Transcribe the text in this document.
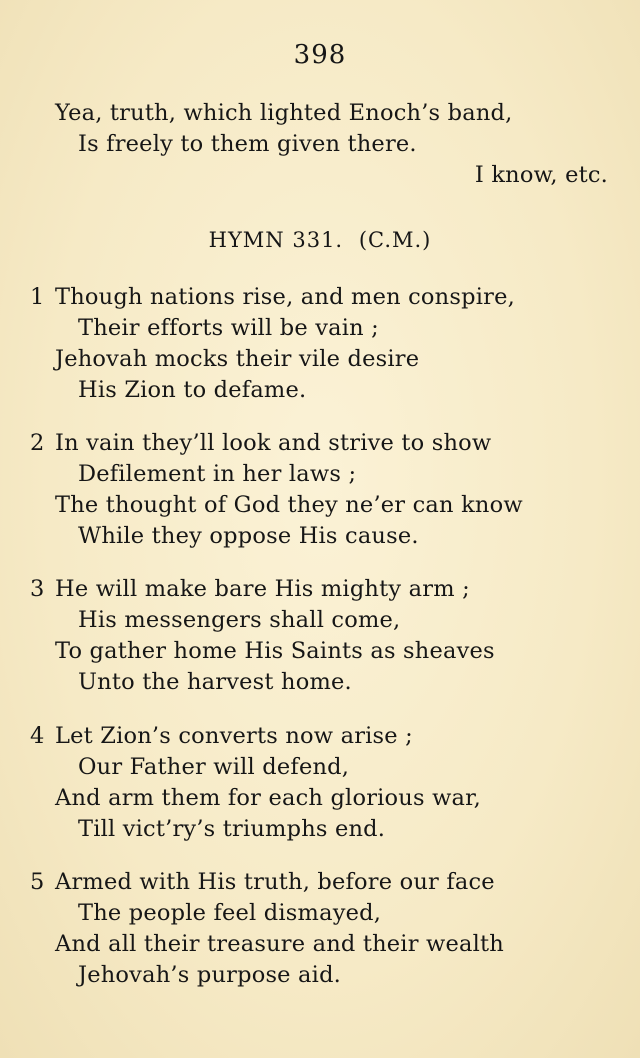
398
Yea, truth, which lighted Enoch’s band,
Is freely to them given there.
I know, etc.
HYMN 331. (C.M.)
1 Though nations rise, and men conspire,
Their efforts will be vain ;
Jehovah mocks their vile desire
His Zion to defame.
2 In vain they’ll look and strive to show
Defilement in her laws ;
The thought of God they ne’er can know
While they oppose His cause.
3 He will make bare His mighty arm ;
His messengers shall come,
To gather home His Saints as sheaves
Unto the harvest home.
4 Let Zion’s converts now arise ;
Our Father will defend,
And arm them for each glorious war,
Till vict’ry’s triumphs end.
5 Armed with His truth, before our face
The people feel dismayed,
And all their treasure and their wealth
Jehovah’s purpose aid.
